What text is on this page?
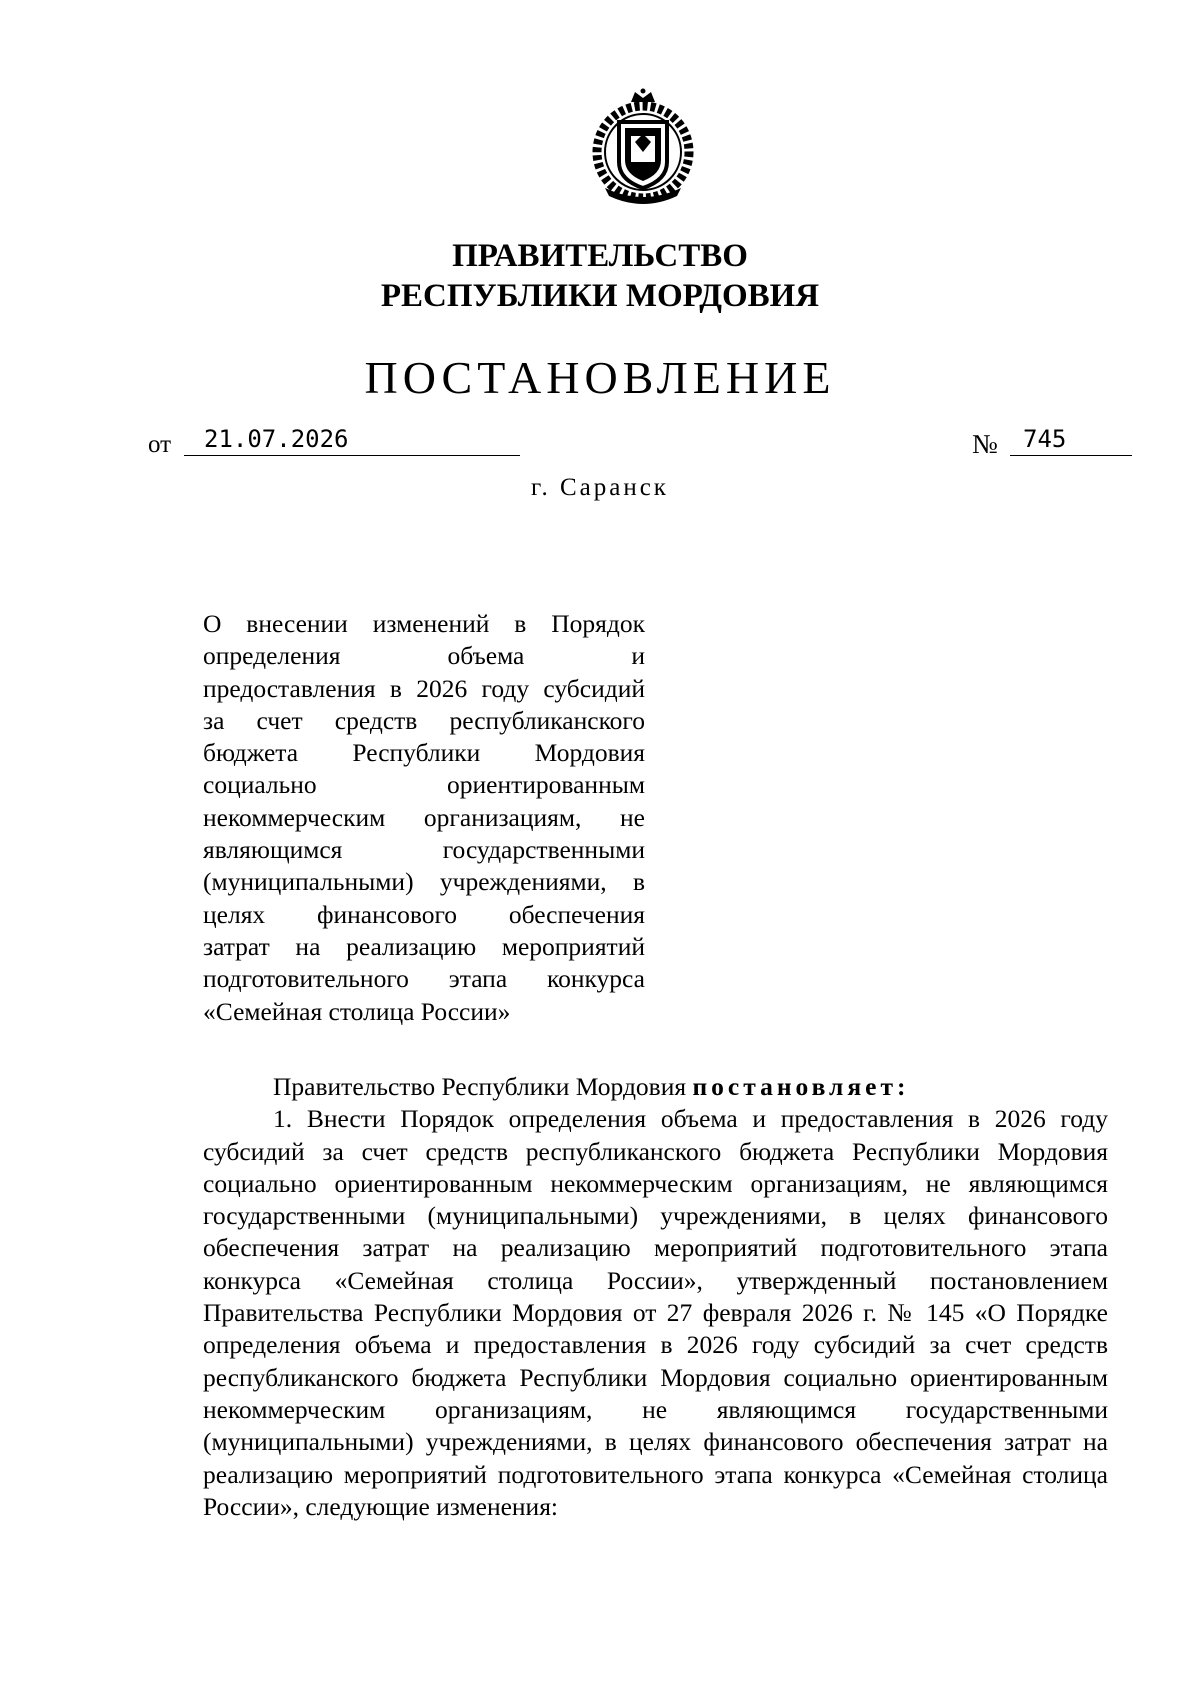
ПРАВИТЕЛЬСТВО
РЕСПУБЛИКИ МОРДОВИЯ
ПОСТАНОВЛЕНИЕ
от	21.07.2026	№	745
г. Саранск
О внесении изменений в Порядок
определения объема и
предоставления в 2026 году субсидий
за счет средств республиканского
бюджета Республики Мордовия
социально ориентированным
некоммерческим организациям, не
являющимся государственными
(муниципальными) учреждениями, в
целях финансового обеспечения
затрат на реализацию мероприятий
подготовительного этапа конкурса
«Семейная столица России»

Правительство Республики Мордовия постановляет:

1. Внести Порядок определения объема и предоставления в 2026 году субсидий за счет средств республиканского бюджета Республики Мордовия социально ориентированным некоммерческим организациям, не являющимся государственными (муниципальными) учреждениями, в целях финансового обеспечения затрат на реализацию мероприятий подготовительного этапа конкурса «Семейная столица России», утвержденный постановлением Правительства Республики Мордовия от 27 февраля 2026 г. № 145 «О Порядке определения объема и предоставления в 2026 году субсидий за счет средств республиканского бюджета Республики Мордовия социально ориентированным некоммерческим организациям, не являющимся государственными (муниципальными) учреждениями, в целях финансового обеспечения затрат на реализацию мероприятий подготовительного этапа конкурса «Семейная столица России», следующие изменения:
